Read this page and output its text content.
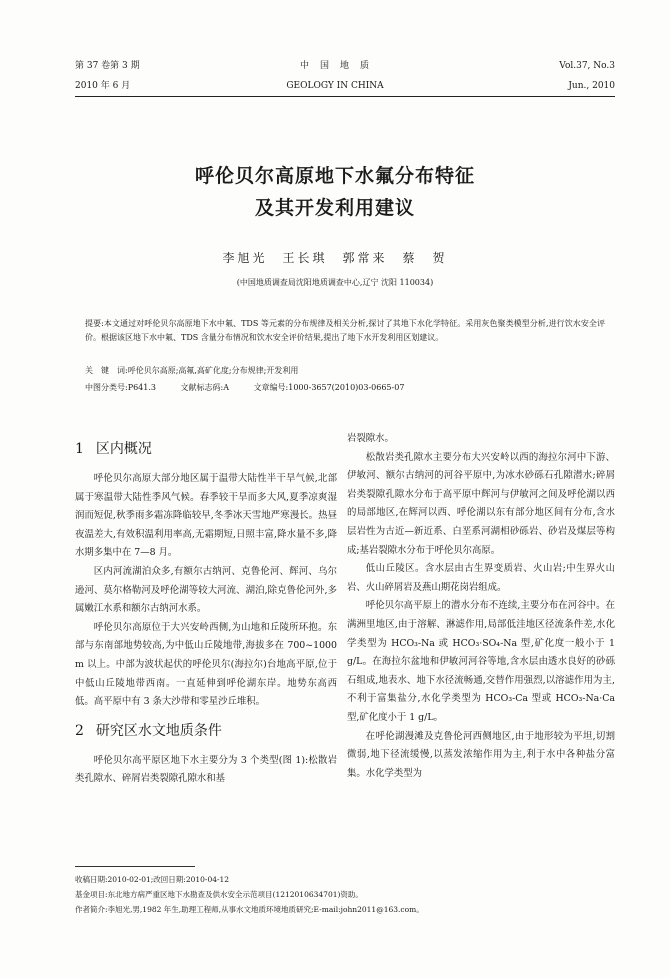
第 37 卷第 3 期
2010 年 6 月
中　国　地　质
GEOLOGY IN CHINA
Vol.37, No.3
Jun., 2010
呼伦贝尔高原地下水氟分布特征
及其开发利用建议
李旭光　王长琪　郭常来　蔡　贺
(中国地质调查局沈阳地质调查中心,辽宁 沈阳 110034)
提要:本文通过对呼伦贝尔高原地下水中氟、TDS 等元素的分布规律及相关分析,探讨了其地下水化学特征。采用灰色聚类模型分析,进行饮水安全评价。根据该区地下水中氟、TDS 含量分布情况和饮水安全评价结果,提出了地下水开发利用区划建议。
关　键　词:呼伦贝尔高原;高氟,高矿化度;分布规律;开发利用
中图分类号:P641.3	文献标志码:A	文章编号:1000-3657(2010)03-0665-07
1 区内概况

呼伦贝尔高原大部分地区属于温带大陆性半干旱气候,北部属于寒温带大陆性季风气候。春季较干旱而多大风,夏季凉爽湿润而短促,秋季雨多霜冻降临较早,冬季冰天雪地严寒漫长。热昼夜温差大,有效积温利用率高,无霜期短,日照丰富,降水量不多,降水期多集中在 7—8 月。

区内河流湖泊众多,有额尔古纳河、克鲁伦河、辉河、乌尔逊河、莫尔格勒河及呼伦湖等较大河流、湖泊,除克鲁伦河外,多属嫩江水系和额尔古纳河水系。

呼伦贝尔高原位于大兴安岭西侧,为山地和丘陵所环抱。东部与东南部地势较高,为中低山丘陵地带,海拔多在 700~1000 m 以上。中部为波状起伏的呼伦贝尔(海拉尔)台地高平原,位于中低山丘陵地带西南。一直延伸到呼伦湖东岸。地势东高西低。高平原中有 3 条大沙带和零星沙丘堆积。

2 研究区水文地质条件

呼伦贝尔高平原区地下水主要分为 3 个类型(图 1):松散岩类孔隙水、碎屑岩类裂隙孔隙水和基

岩裂隙水。

松散岩类孔隙水主要分布大兴安岭以西的海拉尔河中下游、伊敏河、额尔古纳河的河谷平原中,为冰水砂砾石孔隙潜水;碎屑岩类裂隙孔隙水分布于高平原中辉河与伊敏河之间及呼伦湖以西的局部地区,在辉河以西、呼伦湖以东有部分地区间有分布,含水层岩性为古近—新近系、白垩系河湖相砂砾岩、砂岩及煤层等构成;基岩裂隙水分布于呼伦贝尔高原。

低山丘陵区。含水层由古生界变质岩、火山岩;中生界火山岩、火山碎屑岩及燕山期花岗岩组成。

呼伦贝尔高平原上的潜水分布不连续,主要分布在河谷中。在满洲里地区,由于溶解、淋滤作用,局部低洼地区径流条件差,水化学类型为 HCO₃-Na 或 HCO₃·SO₄-Na 型,矿化度一般小于 1 g/L。在海拉尔盆地和伊敏河河谷等地,含水层由透水良好的砂砾石组成,地表水、地下水径流畅通,交替作用强烈,以溶滤作用为主,不利于富集盐分,水化学类型为 HCO₃-Ca 型或 HCO₃-Na·Ca 型,矿化度小于 1 g/L。

在呼伦湖漫滩及克鲁伦河西侧地区,由于地形较为平坦,切割微弱,地下径流缓慢,以蒸发浓缩作用为主,利于水中各种盐分富集。水化学类型为

收稿日期:2010-02-01;改回日期:2010-04-12
基金项目:东北地方病严重区地下水勘查及供水安全示范项目(1212010634701)资助。
作者简介:李旭光,男,1982 年生,助理工程师,从事水文地质环境地质研究;E-mail:john2011@163.com。
